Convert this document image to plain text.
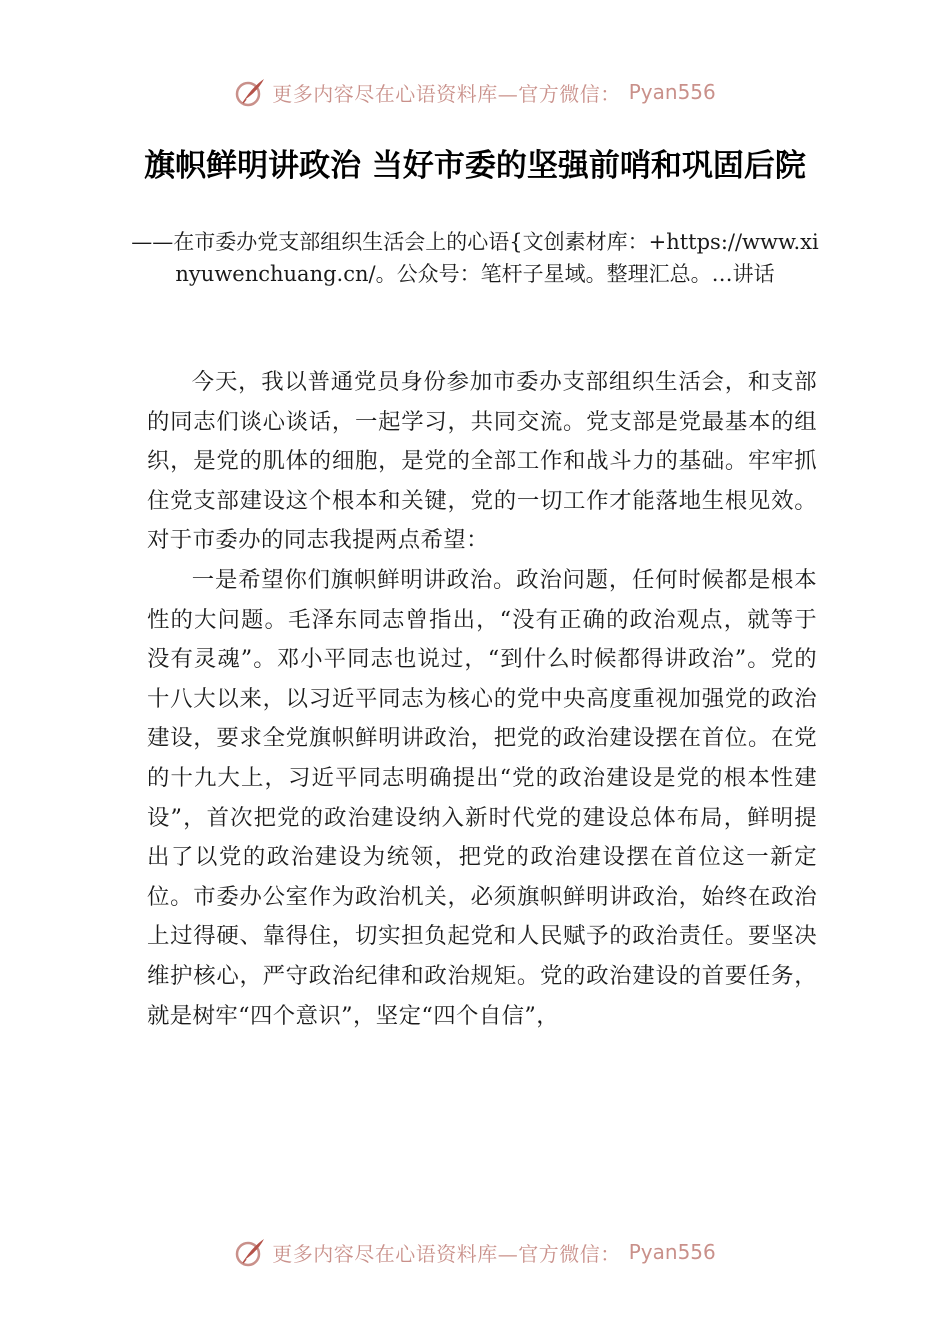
更多内容尽在心语资料库—官方微信： Pyan556
旗帜鲜明讲政治 当好市委的坚强前哨和巩固后院

——在市委办党支部组织生活会上的心语{文创素材库：+https://www.xinyuwenchuang.cn/。公众号：笔杆子星域。整理汇总。…讲话

今天，我以普通党员身份参加市委办支部组织生活会，和支部的同志们谈心谈话，一起学习，共同交流。党支部是党最基本的组织，是党的肌体的细胞，是党的全部工作和战斗力的基础。牢牢抓住党支部建设这个根本和关键，党的一切工作才能落地生根见效。对于市委办的同志我提两点希望：

一是希望你们旗帜鲜明讲政治。政治问题，任何时候都是根本性的大问题。毛泽东同志曾指出，“没有正确的政治观点，就等于没有灵魂”。邓小平同志也说过，“到什么时候都得讲政治”。党的十八大以来，以习近平同志为核心的党中央高度重视加强党的政治建设，要求全党旗帜鲜明讲政治，把党的政治建设摆在首位。在党的十九大上，习近平同志明确提出“党的政治建设是党的根本性建设”，首次把党的政治建设纳入新时代党的建设总体布局，鲜明提出了以党的政治建设为统领，把党的政治建设摆在首位这一新定位。市委办公室作为政治机关，必须旗帜鲜明讲政治，始终在政治上过得硬、靠得住，切实担负起党和人民赋予的政治责任。要坚决维护核心，严守政治纪律和政治规矩。党的政治建设的首要任务，就是树牢“四个意识”，坚定“四个自信”，

更多内容尽在心语资料库—官方微信： Pyan556
